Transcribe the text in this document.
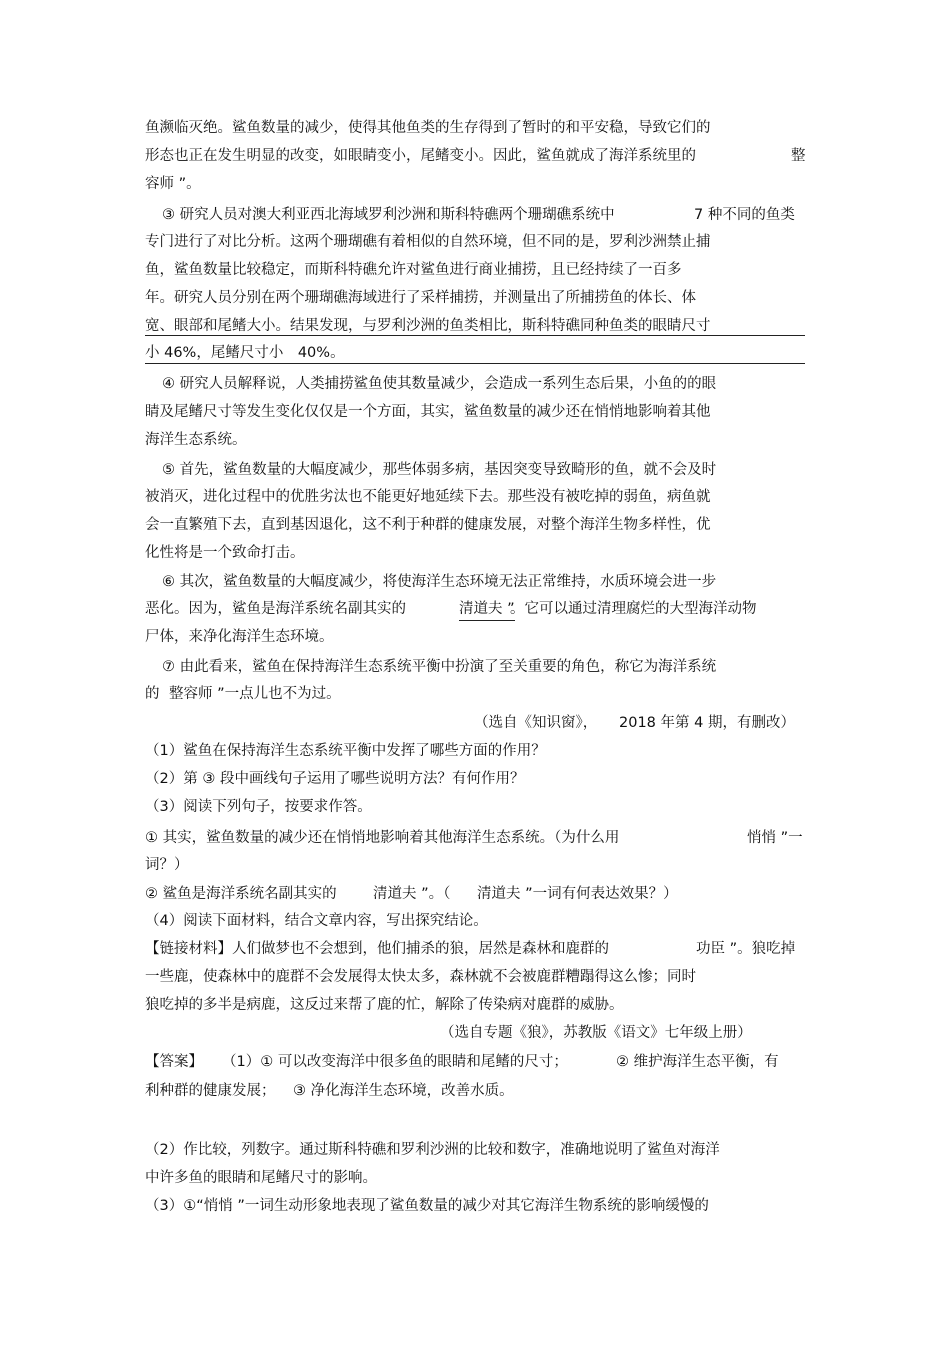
鱼濒临灭绝。鲨鱼数量的减少，使得其他鱼类的生存得到了暂时的和平安稳，导致它们的
形态也正在发生明显的改变，如眼睛变小，尾鳍变小。因此，鲨鱼就成了海洋系统里的	整
容师 ”。
③ 研究人员对澳大利亚西北海域罗利沙洲和斯科特礁两个珊瑚礁系统中	7 种不同的鱼类
专门进行了对比分析。这两个珊瑚礁有着相似的自然环境，但不同的是，罗利沙洲禁止捕
鱼，鲨鱼数量比较稳定，而斯科特礁允许对鲨鱼进行商业捕捞，且已经持续了一百多
年。研究人员分别在两个珊瑚礁海域进行了采样捕捞，并测量出了所捕捞鱼的体长、体
宽、眼部和尾鳍大小。结果发现，与罗利沙洲的鱼类相比，斯科特礁同种鱼类的眼睛尺寸
小 46%，尾鳍尺寸小　40%。
④ 研究人员解释说，人类捕捞鲨鱼使其数量减少，会造成一系列生态后果，小鱼的的眼
睛及尾鳍尺寸等发生变化仅仅是一个方面，其实，鲨鱼数量的减少还在悄悄地影响着其他
海洋生态系统。
⑤ 首先，鲨鱼数量的大幅度减少，那些体弱多病，基因突变导致畸形的鱼，就不会及时
被消灭，进化过程中的优胜劣汰也不能更好地延续下去。那些没有被吃掉的弱鱼，病鱼就
会一直繁殖下去，直到基因退化，这不利于种群的健康发展，对整个海洋生物多样性，优
化性将是一个致命打击。
⑥ 其次，鲨鱼数量的大幅度减少，将使海洋生态环境无法正常维持，水质环境会进一步
恶化。因为，鲨鱼是海洋系统名副其实的	清道夫 ”
。它可以通过清理腐烂的大型海洋动物
尸体，来净化海洋生态环境。
⑦ 由此看来，鲨鱼在保持海洋生态系统平衡中扮演了至关重要的角色，称它为海洋系统
的 整容师 ”一点儿也不为过。
（选自《知识窗》， 2018 年第 4 期，有删改）
（1）鲨鱼在保持海洋生态系统平衡中发挥了哪些方面的作用？
（2）第 ③ 段中画线句子运用了哪些说明方法？有何作用？
（3）阅读下列句子，按要求作答。
① 其实，鲨鱼数量的减少还在悄悄地影响着其他海洋生态系统。（为什么用	悄悄 ”一
词？）
② 鲨鱼是海洋系统名副其实的	清道夫 ”。（ 清道夫 ”一词有何表达效果？）
（4）阅读下面材料，结合文章内容，写出探究结论。
【链接材料】人们做梦也不会想到，他们捕杀的狼，居然是森林和鹿群的	功臣 ”。狼吃掉
一些鹿，使森林中的鹿群不会发展得太快太多，森林就不会被鹿群糟蹋得这么惨；同时
狼吃掉的多半是病鹿，这反过来帮了鹿的忙，解除了传染病对鹿群的威胁。
（选自专题《狼》，苏教版《语文》七年级上册）
【答案】 （1）① 可以改变海洋中很多鱼的眼睛和尾鳍的尺寸；	② 维护海洋生态平衡，有
利种群的健康发展； ③ 净化海洋生态环境，改善水质。
（2）作比较，列数字。通过斯科特礁和罗利沙洲的比较和数字，准确地说明了鲨鱼对海洋
中许多鱼的眼睛和尾鳍尺寸的影响。
（3）①“悄悄 ”一词生动形象地表现了鲨鱼数量的减少对其它海洋生物系统的影响缓慢的
